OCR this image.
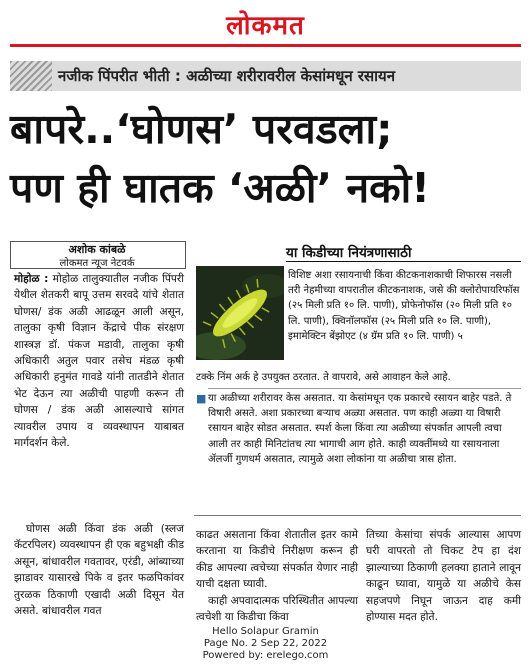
लोकमत
नजीक पिंपरीत भीती : अळीच्या शरीरावरील केसांमधून रसायन
बापरे..‘घोणस’ परवडला;
पण ही घातक ‘अळी’ नको!
अशोक कांबळे
लोकमत न्यूज नेटवर्क

मोहोळ : मोहोळ तालुक्यातील नजीक पिंपरी येथील शेतकरी बापू उत्तम सरवदे यांचे शेतात घोणस/ डंक अळी आढळून आली असून, तालुका कृषी विज्ञान केंद्राचे पीक संरक्षण शास्त्रज्ञ डॉ. पंकज मडावी, तालुका कृषी अधिकारी अतुल पवार तसेच मंडळ कृषी अधिकारी हनुमंत गावडे यांनी तातडीने शेतात भेट देऊन त्या अळीची पाहणी करून ती घोणस / डंक अळी आसल्याचे सांगत त्यावरील उपाय व व्यवस्थापन याबाबत मार्गदर्शन केले.

घोणस अळी किंवा डंक अळी (स्लज कॅटरपिलर) व्यवस्थापन ही एक बहुभक्षी कीड असून, बांधावरील गवतावर, एरंडी, आंब्याच्या झाडावर यासारखे पिके व इतर फळपिकांवर तुरळक ठिकाणी एखादी अळी दिसून येत असते. बांधावरील गवत

या किडीच्या नियंत्रणासाठी
विशिष्ट अशा रसायनाची किंवा कीटकनाशकाची शिफारस नसली तरी नेहमीच्या वापरातील कीटकनाशक, जसे की क्लोरोपायरिफॉस (२५ मिली प्रति १० लि. पाणी), प्रोफेनोफॉस (२० मिली प्रति १० लि. पाणी), क्विनॉलफॉस (२५ मिली प्रति १० लि. पाणी), इमामेक्टिन बेंझोएट (४ ग्रॅम प्रति १० लि. पाणी) ५
टक्के निंम अर्क हे उपयुक्त ठरतात. ते वापरावे, असे आवाहन केले आहे.
■ या अळीच्या शरीरावर केस असतात. या केसांमधून एक प्रकारचे रसायन बाहेर पडते. ते विषारी असते. अशा प्रकारच्या बऱ्याच अळ्या असतात. पण काही अळ्या या विषारी रसायन बाहेर सोडत असतात. स्पर्श केला किंवा त्या अळीच्या संपर्कात आपली त्वचा आली तर काही मिनिटांतच त्या भागाची आग होते. काही व्यक्तींमध्ये या रसायनाला ॲलर्जी गुणधर्म असतात, त्यामुळे अशा लोकांना या अळीचा त्रास होता.

काढत असताना किंवा शेतातील इतर कामे करताना या किडीचे निरीक्षण करून ही कीड आपल्या त्वचेच्या संपर्कात येणार नाही याची दक्षता घ्यावी.

काही अपवादात्मक परिस्थितीत आपल्या त्वचेशी या किडीचा किंवा

तिच्या केसांचा संपर्क आल्यास आपण घरी वापरतो तो चिकट टेप हा दंश झाल्याच्या ठिकाणी हलक्या हाताने लावून काढून घ्यावा, यामुळे या अळीचे केस सहजपणे निघून जाऊन दाह कमी होण्यास मदत होते.

Hello Solapur Gramin
Page No. 2 Sep 22, 2022
Powered by: erelego.com
